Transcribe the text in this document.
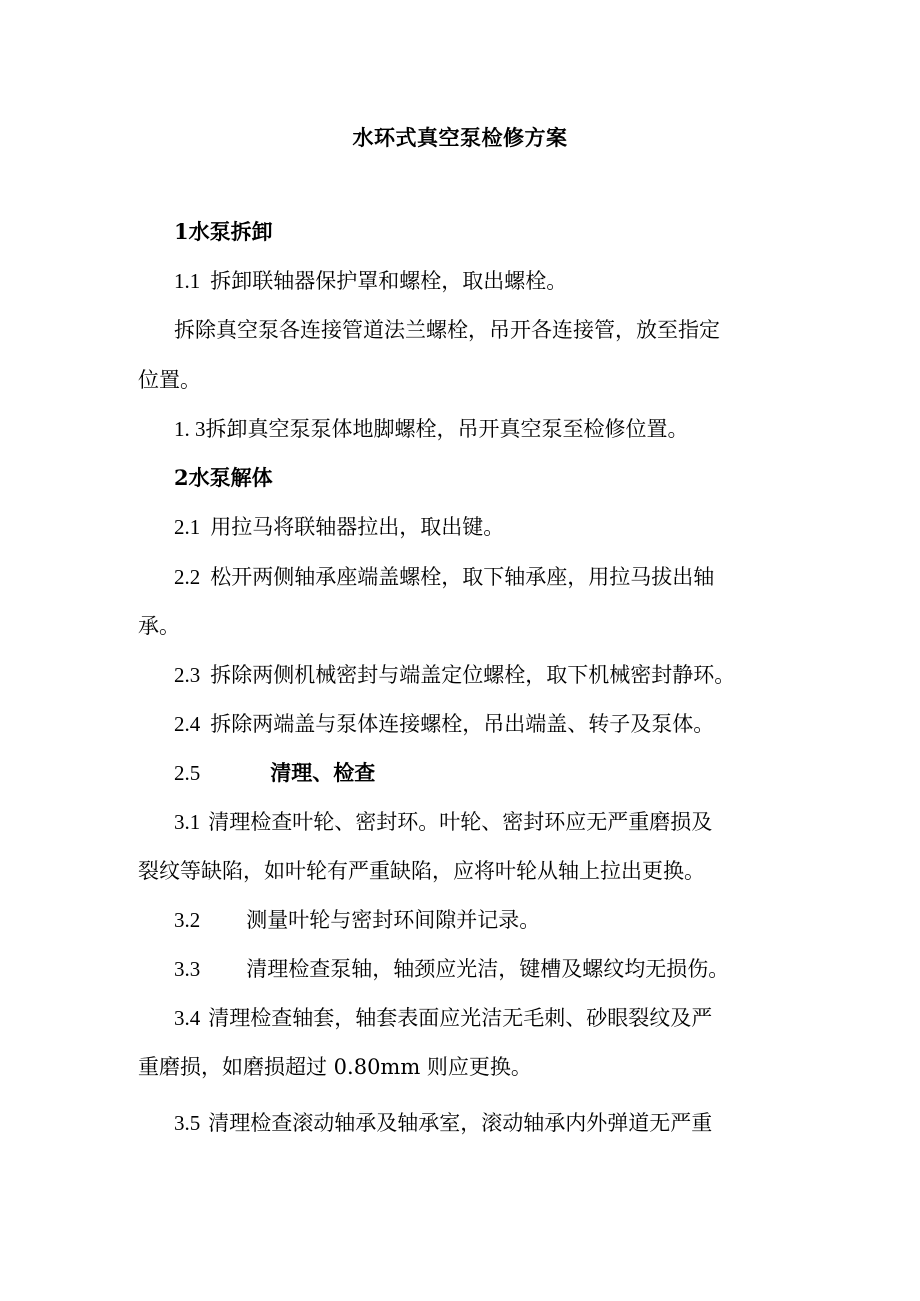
水环式真空泵检修方案
1水泵拆卸
1.1 拆卸联轴器保护罩和螺栓，取出螺栓。
拆除真空泵各连接管道法兰螺栓，吊开各连接管，放至指定
位置。
1. 3拆卸真空泵泵体地脚螺栓，吊开真空泵至检修位置。
2水泵解体
2.1 用拉马将联轴器拉出，取出键。
2.2 松开两侧轴承座端盖螺栓，取下轴承座，用拉马拔出轴
承。
2.3 拆除两侧机械密封与端盖定位螺栓，取下机械密封静环。
2.4 拆除两端盖与泵体连接螺栓，吊出端盖、转子及泵体。
2.5	清理、检查
3.1 清理检查叶轮、密封环。叶轮、密封环应无严重磨损及
裂纹等缺陷，如叶轮有严重缺陷，应将叶轮从轴上拉出更换。
3.2 测量叶轮与密封环间隙并记录。
3.3 清理检查泵轴，轴颈应光洁，键槽及螺纹均无损伤。
3.4 清理检查轴套，轴套表面应光洁无毛刺、砂眼裂纹及严
重磨损，如磨损超过 0.80mm 则应更换。
3.5 清理检查滚动轴承及轴承室，滚动轴承内外弹道无严重
